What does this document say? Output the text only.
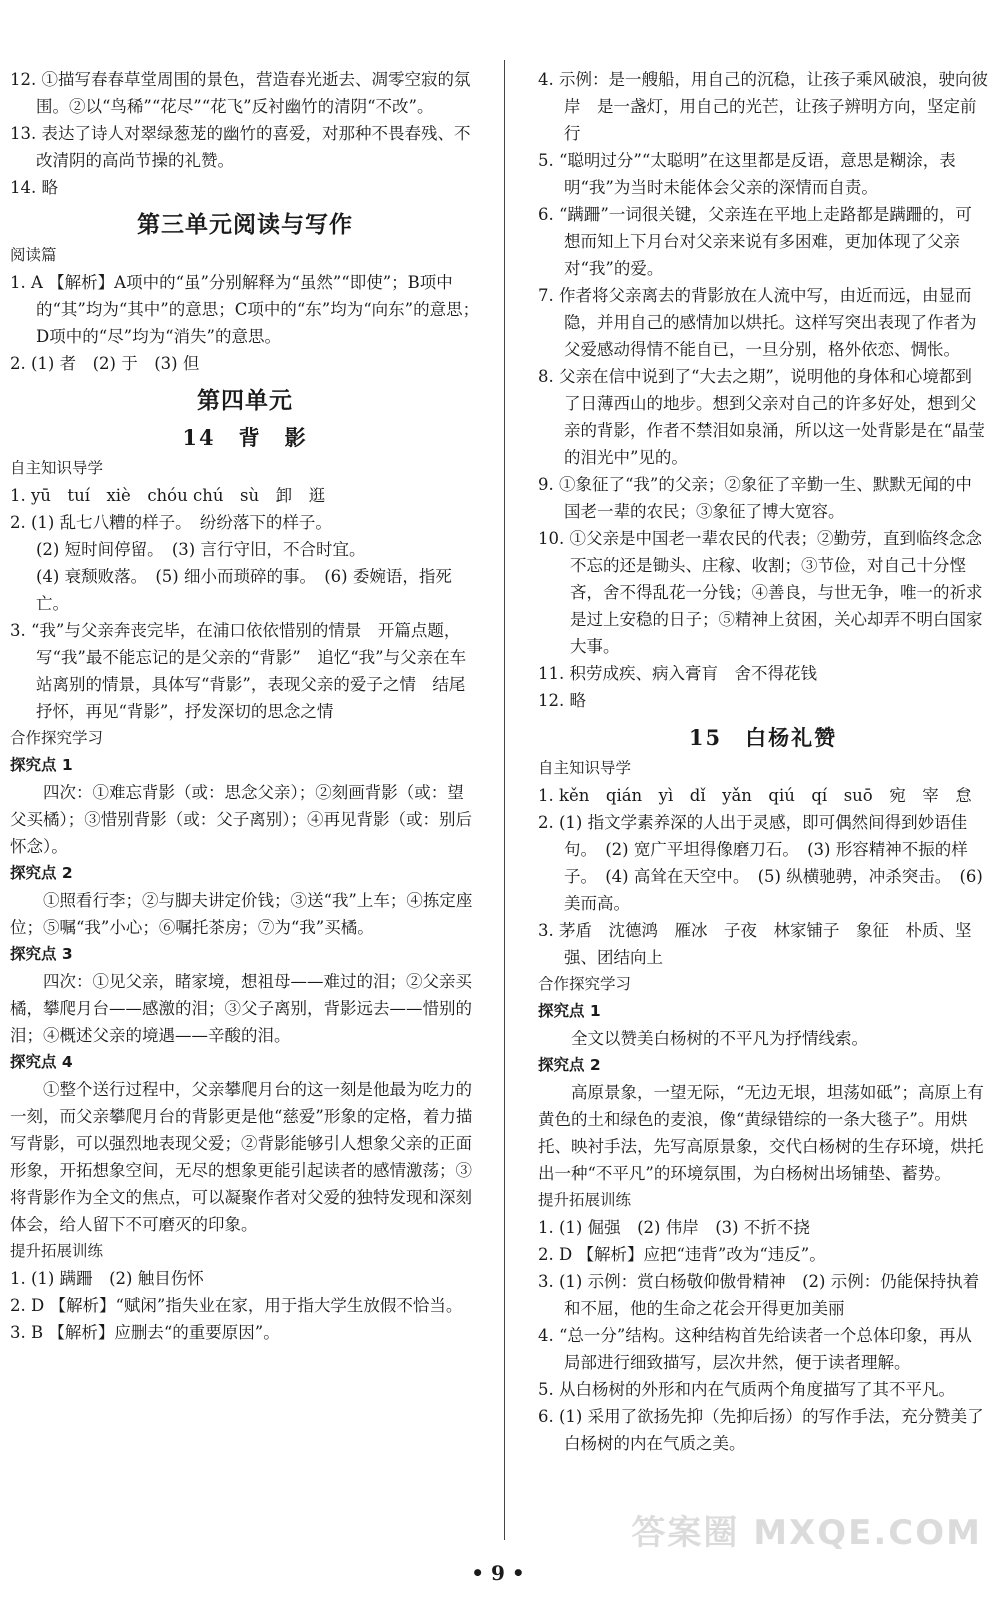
12. ①描写春春草堂周围的景色，营造春光逝去、凋零空寂的氛围。②以“鸟稀”“花尽”“花飞”反衬幽竹的清阴“不改”。

13. 表达了诗人对翠绿葱茏的幽竹的喜爱，对那种不畏春残、不改清阴的高尚节操的礼赞。

14. 略

第三单元阅读与写作

阅读篇

1. A 【解析】A项中的“虽”分别解释为“虽然”“即使”；B项中的“其”均为“其中”的意思；C项中的“东”均为“向东”的意思；D项中的“尽”均为“消失”的意思。

2. (1) 者　(2) 于　(3) 但

第四单元

14　背　影

自主知识导学

1. yū　tuí　xiè　chóu chú　sù　卸　逛

2. (1) 乱七八糟的样子。　纷纷落下的样子。

(2) 短时间停留。　(3) 言行守旧，不合时宜。

(4) 衰颓败落。　(5) 细小而琐碎的事。　(6) 委婉语，指死亡。

3. “我”与父亲奔丧完毕，在浦口依依惜别的情景　开篇点题，写“我”最不能忘记的是父亲的“背影”　追忆“我”与父亲在车站离别的情景，具体写“背影”，表现父亲的爱子之情　结尾抒怀，再见“背影”，抒发深切的思念之情

合作探究学习

探究点 1

四次：①难忘背影（或：思念父亲）；②刻画背影（或：望父买橘）；③惜别背影（或：父子离别）；④再见背影（或：别后怀念）。

探究点 2

①照看行李；②与脚夫讲定价钱；③送“我”上车；④拣定座位；⑤嘱“我”小心；⑥嘱托茶房；⑦为“我”买橘。

探究点 3

四次：①见父亲，睹家境，想祖母——难过的泪；②父亲买橘，攀爬月台——感激的泪；③父子离别，背影远去——惜别的泪；④概述父亲的境遇——辛酸的泪。

探究点 4

①整个送行过程中，父亲攀爬月台的这一刻是他最为吃力的一刻，而父亲攀爬月台的背影更是他“慈爱”形象的定格，着力描写背影，可以强烈地表现父爱；②背影能够引人想象父亲的正面形象，开拓想象空间，无尽的想象更能引起读者的感情激荡；③将背影作为全文的焦点，可以凝聚作者对父爱的独特发现和深刻体会，给人留下不可磨灭的印象。

提升拓展训练

1. (1) 蹒跚　(2) 触目伤怀

2. D 【解析】“赋闲”指失业在家，用于指大学生放假不恰当。

3. B 【解析】应删去“的重要原因”。

4. 示例：是一艘船，用自己的沉稳，让孩子乘风破浪，驶向彼岸　是一盏灯，用自己的光芒，让孩子辨明方向，坚定前行

5. “聪明过分”“太聪明”在这里都是反语，意思是糊涂，表明“我”为当时未能体会父亲的深情而自责。

6. “蹒跚”一词很关键，父亲连在平地上走路都是蹒跚的，可想而知上下月台对父亲来说有多困难，更加体现了父亲对“我”的爱。

7. 作者将父亲离去的背影放在人流中写，由近而远，由显而隐，并用自己的感情加以烘托。这样写突出表现了作者为父爱感动得情不能自已，一旦分别，格外依恋、惆怅。

8. 父亲在信中说到了“大去之期”，说明他的身体和心境都到了日薄西山的地步。想到父亲对自己的许多好处，想到父亲的背影，作者不禁泪如泉涌，所以这一处背影是在“晶莹的泪光中”见的。

9. ①象征了“我”的父亲；②象征了辛勤一生、默默无闻的中国老一辈的农民；③象征了博大宽容。

10. ①父亲是中国老一辈农民的代表；②勤劳，直到临终念念不忘的还是锄头、庄稼、收割；③节俭，对自己十分悭吝，舍不得乱花一分钱；④善良，与世无争，唯一的祈求是过上安稳的日子；⑤精神上贫困，关心却弄不明白国家大事。

11. 积劳成疾、病入膏肓　舍不得花钱

12. 略

15　白杨礼赞

自主知识导学

1. kěn　qián　yì　dǐ　yǎn　qiú　qí　suō　宛　宰　怠

2. (1) 指文学素养深的人出于灵感，即可偶然间得到妙语佳句。　(2) 宽广平坦得像磨刀石。　(3) 形容精神不振的样子。　(4) 高耸在天空中。　(5) 纵横驰骋，冲杀突击。　(6) 美而高。

3. 茅盾　沈德鸿　雁冰　子夜　林家铺子　象征　朴质、坚强、团结向上

合作探究学习

探究点 1

全文以赞美白杨树的不平凡为抒情线索。

探究点 2

高原景象，一望无际，“无边无垠，坦荡如砥”；高原上有黄色的土和绿色的麦浪，像“黄绿错综的一条大毯子”。用烘托、映衬手法，先写高原景象，交代白杨树的生存环境，烘托出一种“不平凡”的环境氛围，为白杨树出场铺垫、蓄势。

提升拓展训练

1. (1) 倔强　(2) 伟岸　(3) 不折不挠

2. D 【解析】应把“违背”改为“违反”。

3. (1) 示例：赏白杨敬仰傲骨精神　(2) 示例：仍能保持执着和不屈，他的生命之花会开得更加美丽

4. “总一分”结构。这种结构首先给读者一个总体印象，再从局部进行细致描写，层次井然，便于读者理解。

5. 从白杨树的外形和内在气质两个角度描写了其不平凡。

6. (1) 采用了欲扬先抑（先抑后扬）的写作手法，充分赞美了白杨树的内在气质之美。

• 9 •
答案圈 MXQE.COM
